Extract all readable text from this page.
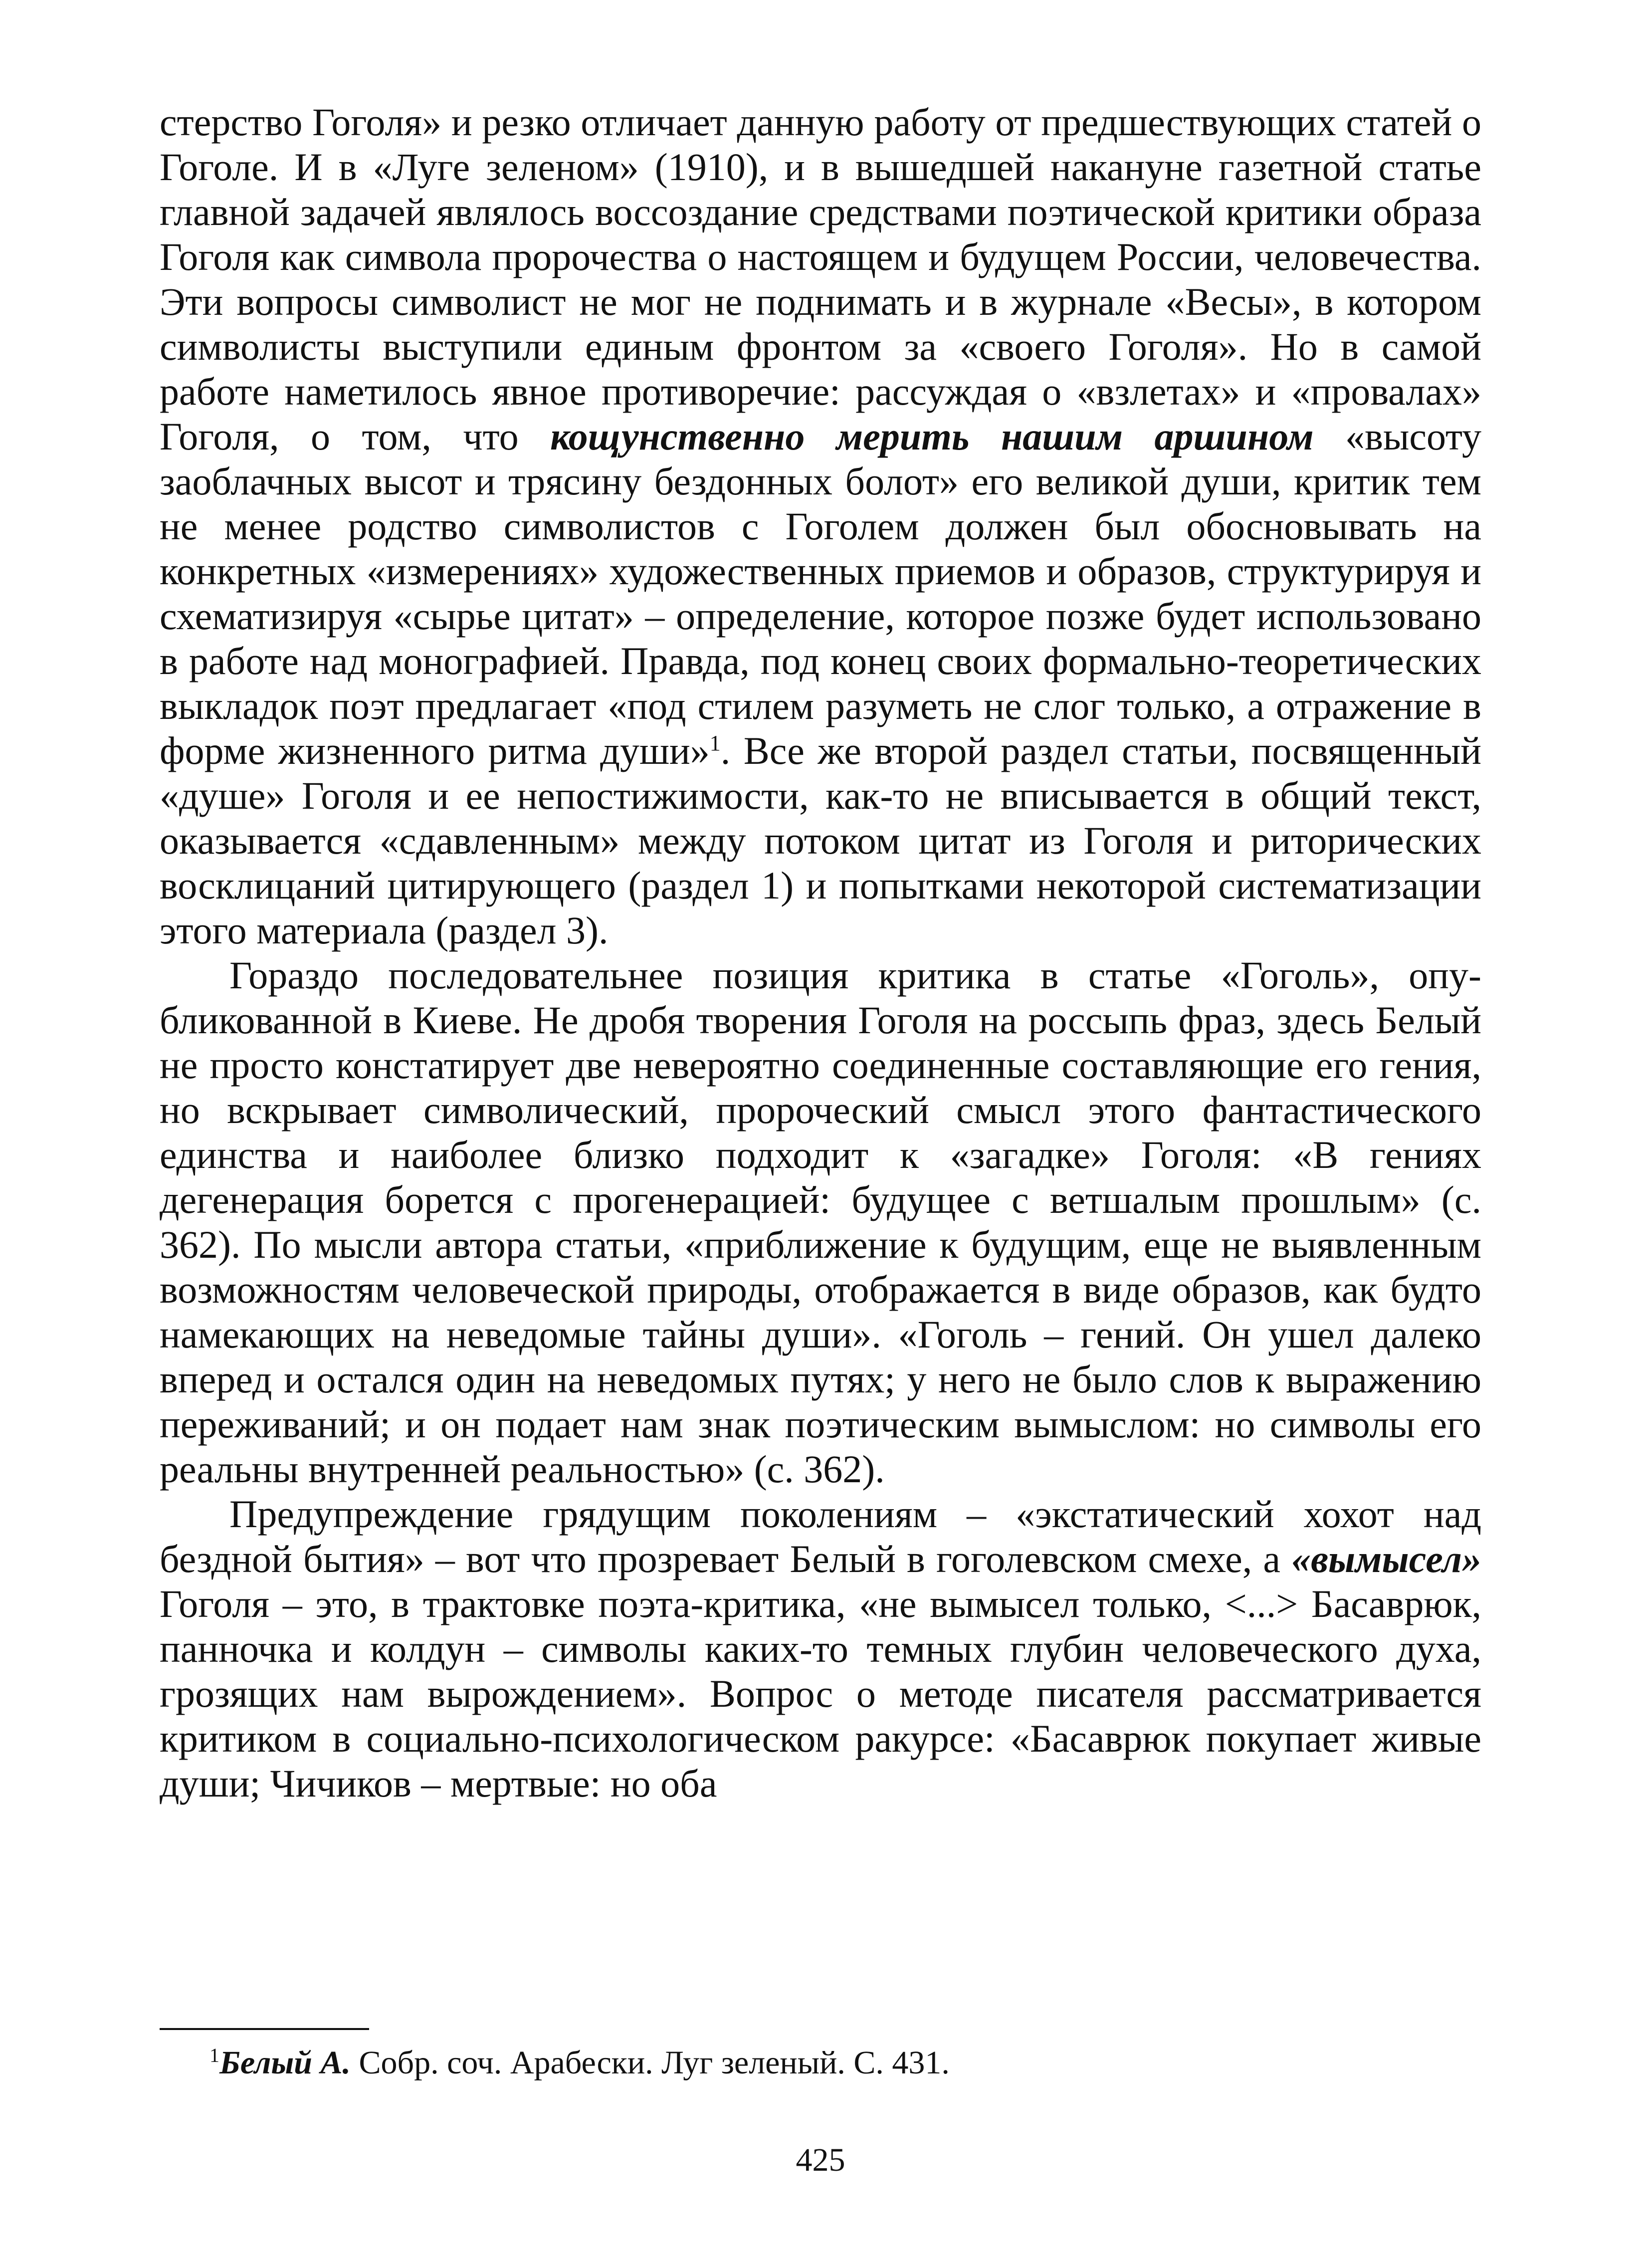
стерство Гоголя» и резко отличает данную работу от предшествующих статей о Гоголе. И в «Луге зеленом» (1910), и в вышедшей накануне газетной статье главной задачей являлось воссоздание средствами поэтической критики образа Гоголя как символа пророчества о настоящем и будущем России, человечества. Эти вопросы символист не мог не поднимать и в журнале «Весы», в котором символисты выступили единым фронтом за «своего Гоголя». Но в самой работе наметилось явное противоречие: рассуждая о «взлетах» и «провалах» Гоголя, о том, что кощунственно мерить нашим аршином «высоту заоблачных высот и трясину бездонных болот» его великой души, критик тем не менее родство символистов с Гоголем должен был обосновывать на конкретных «измерениях» художественных приемов и образов, структурируя и схематизируя «сырье цитат» – определение, которое позже будет использовано в работе над монографией. Правда, под конец своих формально-теоретических выкладок поэт предлагает «под стилем разуметь не слог только, а отражение в форме жизненного ритма души»$^1$. Все же второй раздел статьи, посвященный «душе» Гоголя и ее непостижимости, как-то не вписывается в общий текст, оказывается «сдавленным» между потоком цитат из Гоголя и риторических восклицаний цитирующего (раздел 1) и попытками некоторой систематизации этого материала (раздел 3).

Гораздо последовательнее позиция критика в статье «Гоголь», опубликованной в Киеве. Не дробя творения Гоголя на россыпь фраз, здесь Белый не просто констатирует две невероятно соединенные составляющие его гения, но вскрывает символический, пророческий смысл этого фантастического единства и наиболее близко подходит к «загадке» Гоголя: «В гениях дегенерация борется с прогенерацией: будущее с ветшалым прошлым» (с. 362). По мысли автора статьи, «приближение к будущим, еще не выявленным возможностям человеческой природы, отображается в виде образов, как будто намекающих на неведомые тайны души». «Гоголь – гений. Он ушел далеко вперед и остался один на неведомых путях; у него не было слов к выражению переживаний; и он подает нам знак поэтическим вымыслом: но символы его реальны внутренней реальностью» (с. 362).

Предупреждение грядущим поколениям – «экстатический хохот над бездной бытия» – вот что прозревает Белый в гоголевском смехе, а «вымысел» Гоголя – это, в трактовке поэта-критика, «не вымысел только, <...> Басаврюк, панночка и колдун – символы каких-то темных глубин человеческого духа, грозящих нам вырождением». Вопрос о методе писателя рассматривается критиком в социально-психологическом ракурсе: «Басаврюк покупает живые души; Чичиков – мертвые: но оба

$^1$Белый А. Собр. соч. Арабески. Луг зеленый. С. 431.
425
